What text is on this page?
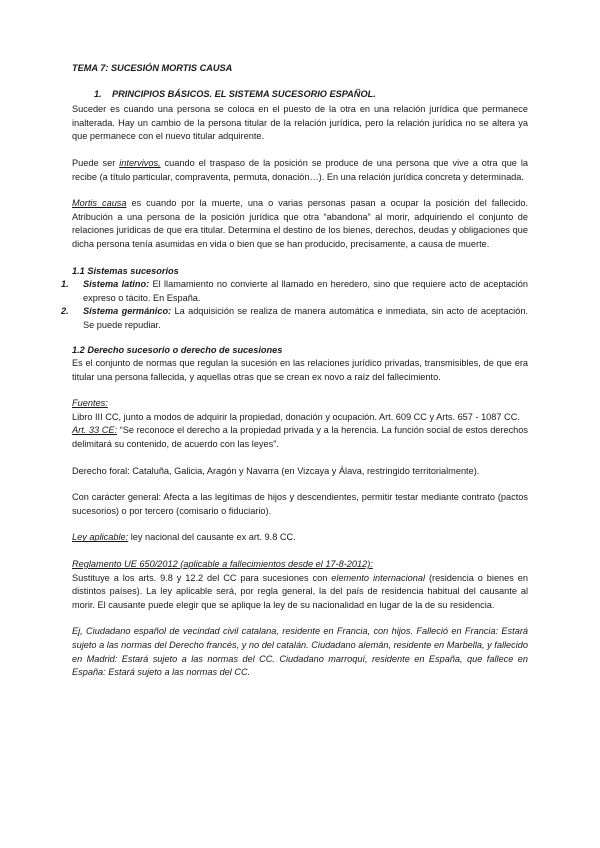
TEMA 7: SUCESIÓN MORTIS CAUSA
1. PRINCIPIOS BÁSICOS. EL SISTEMA SUCESORIO ESPAÑOL.

Suceder es cuando una persona se coloca en el puesto de la otra en una relación jurídica que permanece inalterada. Hay un cambio de la persona titular de la relación jurídica, pero la relación jurídica no se altera ya que permanece con el nuevo titular adquirente.

Puede ser intervivos, cuando el traspaso de la posición se produce de una persona que vive a otra que la recibe (a título particular, compraventa, permuta, donación…). En una relación jurídica concreta y determinada.

Mortis causa es cuando por la muerte, una o varias personas pasan a ocupar la posición del fallecido. Atribución a una persona de la posición jurídica que otra “abandona” al morir, adquiriendo el conjunto de relaciones jurídicas de que era titular. Determina el destino de los bienes, derechos, deudas y obligaciones que dicha persona tenía asumidas en vida o bien que se han producido, precisamente, a causa de muerte.

1.1 Sistemas sucesorios
1. Sistema latino: El llamamiento no convierte al llamado en heredero, sino que requiere acto de aceptación expreso o tácito. En España.
2. Sistema germánico: La adquisición se realiza de manera automática e inmediata, sin acto de aceptación. Se puede repudiar.
1.2 Derecho sucesorio o derecho de sucesiones

Es el conjunto de normas que regulan la sucesión en las relaciones jurídico privadas, transmisibles, de que era titular una persona fallecida, y aquellas otras que se crean ex novo a raíz del fallecimiento.

Fuentes:
Libro III CC, junto a modos de adquirir la propiedad, donación y ocupación. Art. 609 CC y Arts. 657 - 1087 CC.
Art. 33 CE: “Se reconoce el derecho a la propiedad privada y a la herencia. La función social de estos derechos delimitará su contenido, de acuerdo con las leyes”.

Derecho foral: Cataluña, Galicia, Aragón y Navarra (en Vizcaya y Álava, restringido territorialmente).

Con carácter general: Afecta a las legítimas de hijos y descendientes, permitir testar mediante contrato (pactos sucesorios) o por tercero (comisario o fiduciario).

Ley aplicable: ley nacional del causante ex art. 9.8 CC.

Reglamento UE 650/2012 (aplicable a fallecimientos desde el 17-8-2012):
Sustituye a los arts. 9.8 y 12.2 del CC para sucesiones con elemento internacional (residencia o bienes en distintos países). La ley aplicable será, por regla general, la del país de residencia habitual del causante al morir. El causante puede elegir que se aplique la ley de su nacionalidad en lugar de la de su residencia.

Ej, Ciudadano español de vecindad civil catalana, residente en Francia, con hijos. Falleció en Francia: Estará sujeto a las normas del Derecho francés, y no del catalán. Ciudadano alemán, residente en Marbella, y fallecido en Madrid: Estará sujeto a las normas del CC. Ciudadano marroquí, residente en España, que fallece en España: Estará sujeto a las normas del CC.
